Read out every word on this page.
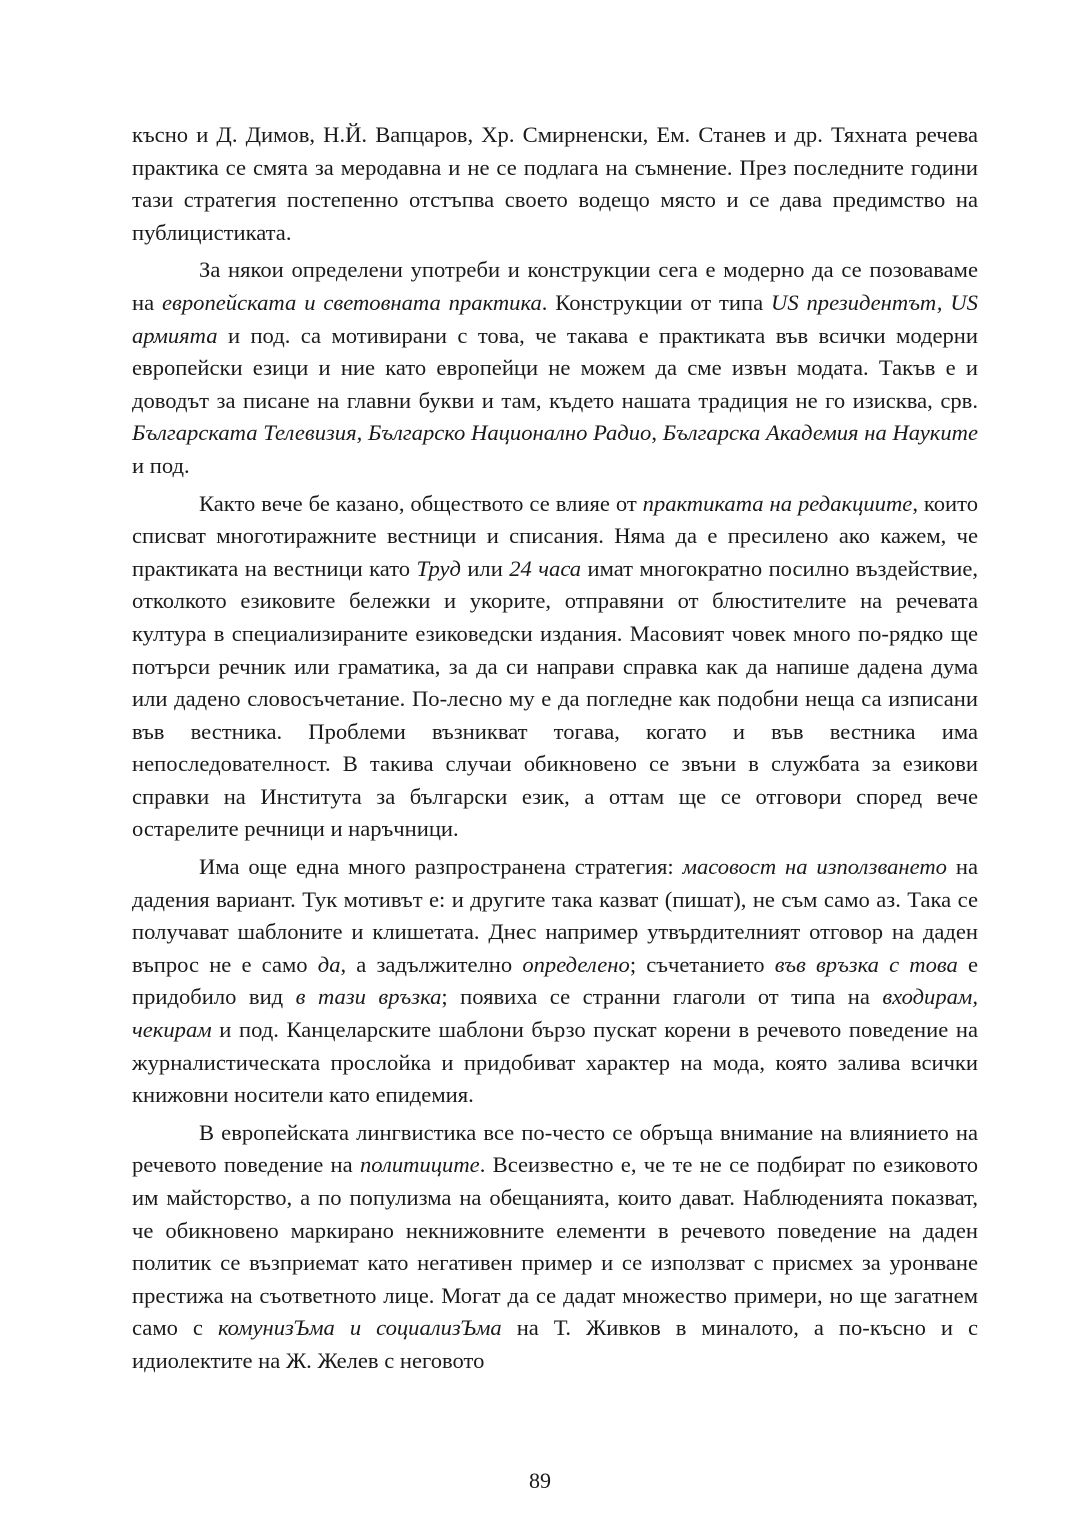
късно и Д. Димов, Н.Й. Вапцаров, Хр. Смирненски, Ем. Станев и др. Тяхната речева практика се смята за меродавна и не се подлага на съмнение. През последните години тази стратегия постепенно отстъпва своето водещо място и се дава предимство на публицистиката.

За някои определени употреби и конструкции сега е модерно да се позоваваме на европейската и световната практика. Конструкции от типа US президентът, US армията и под. са мотивирани с това, че такава е практиката във всички модерни европейски езици и ние като европейци не можем да сме извън модата. Такъв е и доводът за писане на главни букви и там, където нашата традиция не го изисква, срв. Българската Телевизия, Българско Национално Радио, Българска Академия на Науките и под.

Както вече бе казано, обществото се влияе от практиката на редакциите, които списват многотиражните вестници и списания. Няма да е пресилено ако кажем, че практиката на вестници като Труд или 24 часа имат многократно посилно въздействие, отколкото езиковите бележки и укорите, отправяни от блюстителите на речевата култура в специализираните езиковедски издания. Масовият човек много по-рядко ще потърси речник или граматика, за да си направи справка как да напише дадена дума или дадено словосъчетание. По-лесно му е да погледне как подобни неща са изписани във вестника. Проблеми възникват тогава, когато и във вестника има непоследователност. В такива случаи обикновено се звъни в службата за езикови справки на Института за български език, а оттам ще се отговори според вече остарелите речници и наръчници.

Има още една много разпространена стратегия: масовост на използването на дадения вариант. Тук мотивът е: и другите така казват (пишат), не съм само аз. Така се получават шаблоните и клишетата. Днес например утвърдителният отговор на даден въпрос не е само да, а задължително определено; съчетанието във връзка с това е придобило вид в тази връзка; появиха се странни глаголи от типа на входирам, чекирам и под. Канцеларските шаблони бързо пускат корени в речевото поведение на журналистическата прослойка и придобиват характер на мода, която залива всички книжовни носители като епидемия.

В европейската лингвистика все по-често се обръща внимание на влиянието на речевото поведение на политиците. Всеизвестно е, че те не се подбират по езиковото им майсторство, а по популизма на обещанията, които дават. Наблюденията показват, че обикновено маркирано некнижовните елементи в речевото поведение на даден политик се възприемат като негативен пример и се използват с присмех за уронване престижа на съответното лице. Могат да се дадат множество примери, но ще загатнем само с комунизЪма и социализЪма на Т. Живков в миналото, а по-късно и с идиолектите на Ж. Желев с неговото

89
